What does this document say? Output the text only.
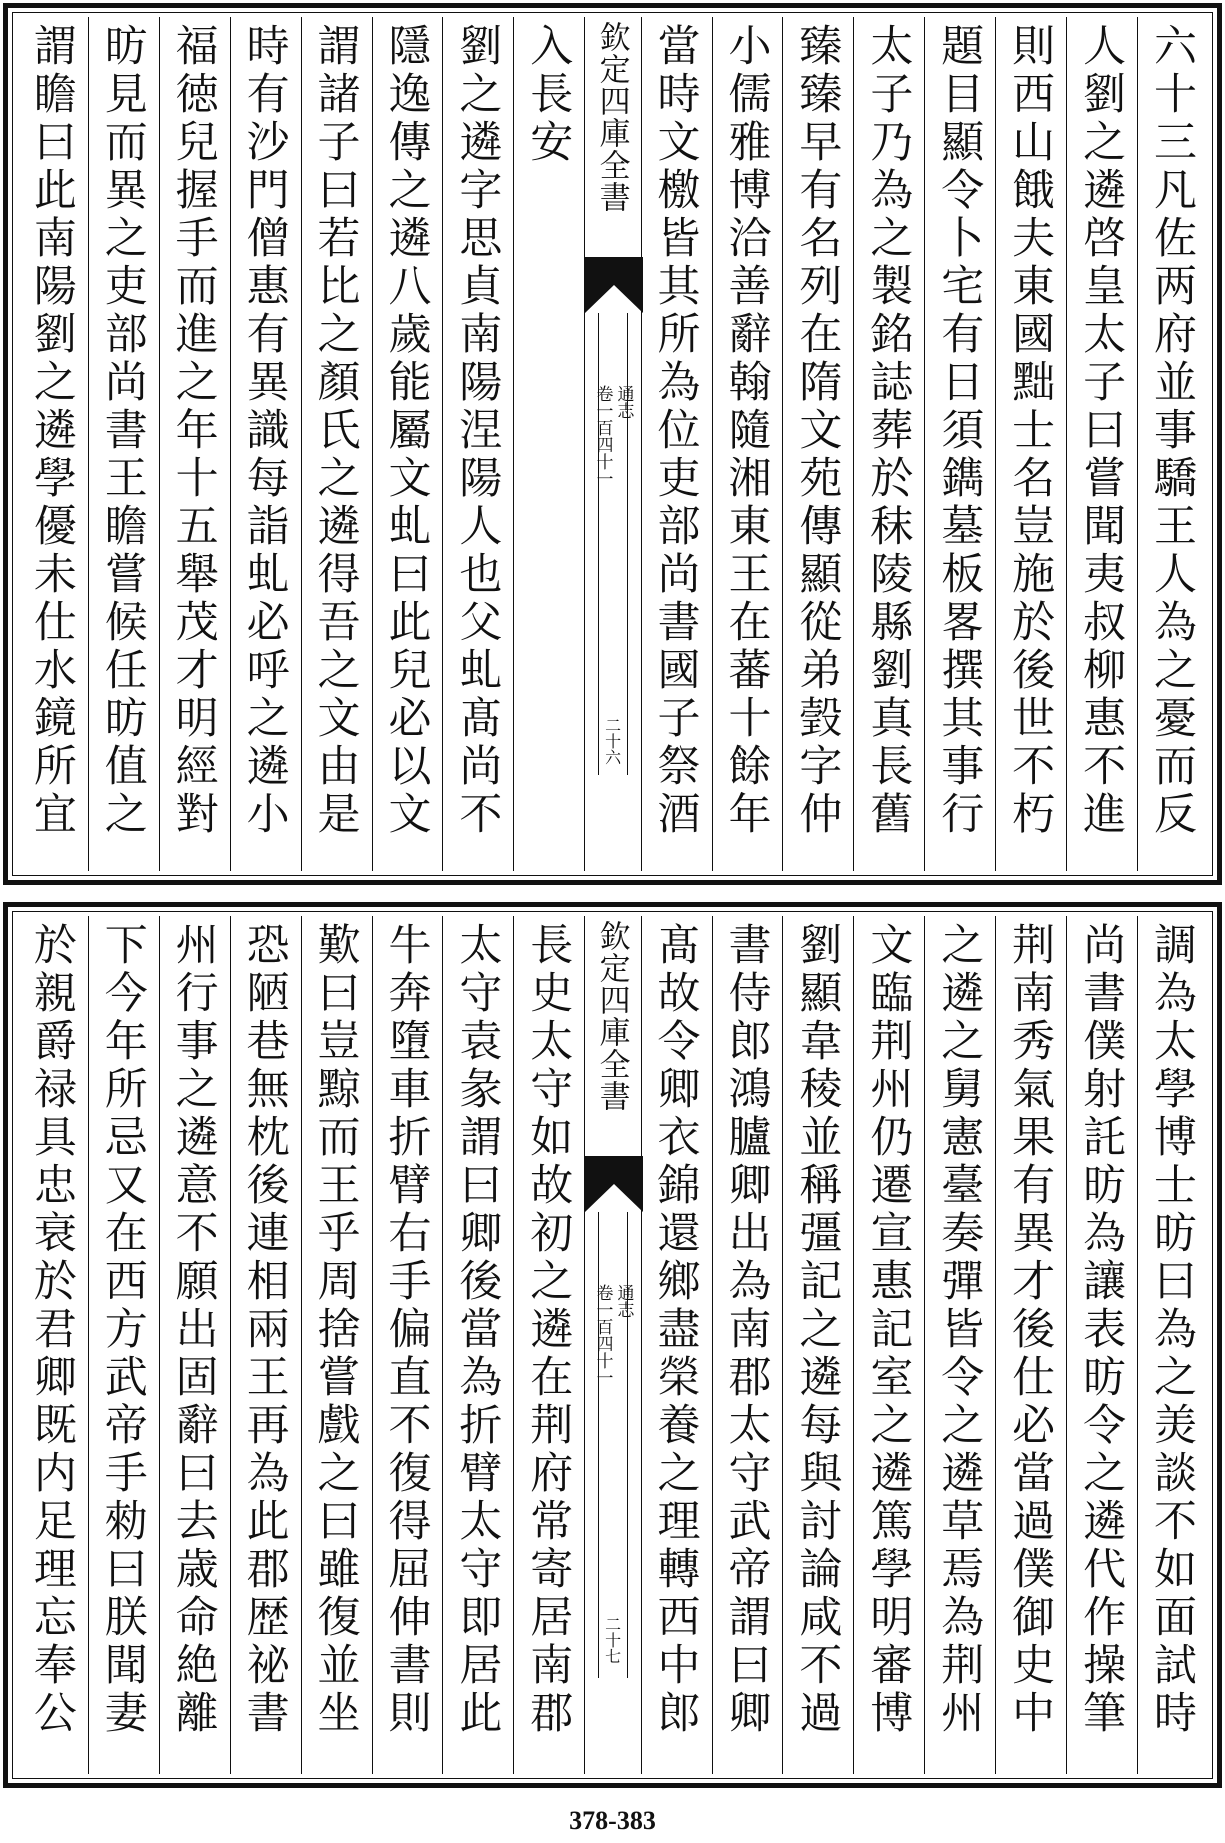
六十三凡佐两府並事驕王人為之憂而反
人劉之遴啓皇太子曰嘗聞夷叔柳惠不進
則西山餓夫東國黜士名豈施於後世不朽
題目顯令卜宅有日須鐫墓板畧撰其事行
太子乃為之製銘誌葬於秣陵縣劉真長舊
臻臻早有名列在隋文苑傳顯從弟瑴字仲
小儒雅博洽善辭翰隨湘東王在蕃十餘年
當時文檄皆其所為位吏部尚書國子祭酒
欽定四庫全書
通志
卷一百四十一
二十六
入長安
劉之遴字思貞南陽涅陽人也父虬髙尚不
隱逸傳之遴八歲能屬文虬曰此兒必以文
謂諸子曰若比之顏氏之遴得吾之文由是
時有沙門僧惠有異識每詣虬必呼之遴小
福徳兒握手而進之年十五舉茂才明經對
昉見而異之吏部尚書王瞻嘗候任昉值之
謂瞻曰此南陽劉之遴學優未仕水鏡所宜
調為太學博士昉曰為之羙談不如面試時
尚書僕射託昉為讓表昉令之遴代作操筆
荆南秀氣果有異才後仕必當過僕御史中
之遴之舅憲臺奏彈皆令之遴草焉為荆州
文臨荆州仍遷宣惠記室之遴篤學明審博
劉顯韋稜並稱彊記之遴每與討論咸不過
書侍郎鴻臚卿出為南郡太守武帝謂曰卿
髙故令卿衣錦還鄉盡榮養之理轉西中郎
欽定四庫全書
通志
卷一百四十一
二十七
長史太守如故初之遴在荆府常寄居南郡
太守袁彖謂曰卿後當為折臂太守即居此
牛奔墮車折臂右手偏直不復得屈伸書則
歎曰豈黥而王乎周捨嘗戲之曰雖復並坐
恐陋巷無枕後連相兩王再為此郡歴祕書
州行事之遴意不願出固辭曰去歳命絶離
下今年所忌又在西方武帝手勑曰朕聞妻
於親爵禄具忠衰於君卿既内足理忘奉公
378-383
